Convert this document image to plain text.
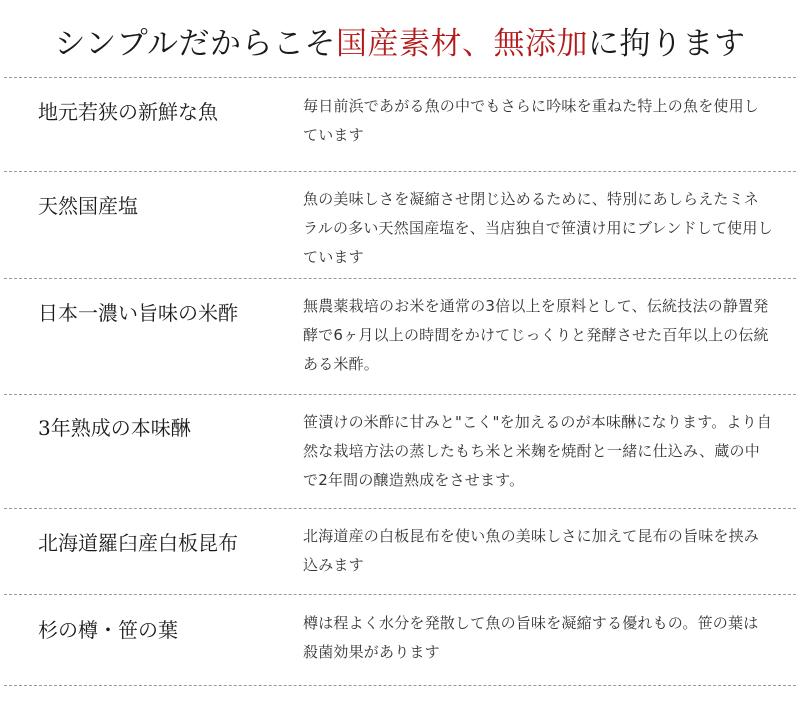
シンプルだからこそ国産素材、無添加に拘ります
地元若狭の新鮮な魚	毎日前浜であがる魚の中でもさらに吟味を重ねた特上の魚を使用しています
天然国産塩	魚の美味しさを凝縮させ閉じ込めるために、特別にあしらえたミネラルの多い天然国産塩を、当店独自で笹漬け用にブレンドして使用しています
日本一濃い旨味の米酢	無農薬栽培のお米を通常の3倍以上を原料として、伝統技法の静置発酵で6ヶ月以上の時間をかけてじっくりと発酵させた百年以上の伝統ある米酢。
3年熟成の本味醂	笹漬けの米酢に甘みと"こく"を加えるのが本味醂になります。より自然な栽培方法の蒸したもち米と米麹を焼酎と一緒に仕込み、蔵の中で2年間の醸造熟成をさせます。
北海道羅臼産白板昆布	北海道産の白板昆布を使い魚の美味しさに加えて昆布の旨味を挟み込みます
杉の樽・笹の葉	樽は程よく水分を発散して魚の旨味を凝縮する優れもの。笹の葉は殺菌効果があります
